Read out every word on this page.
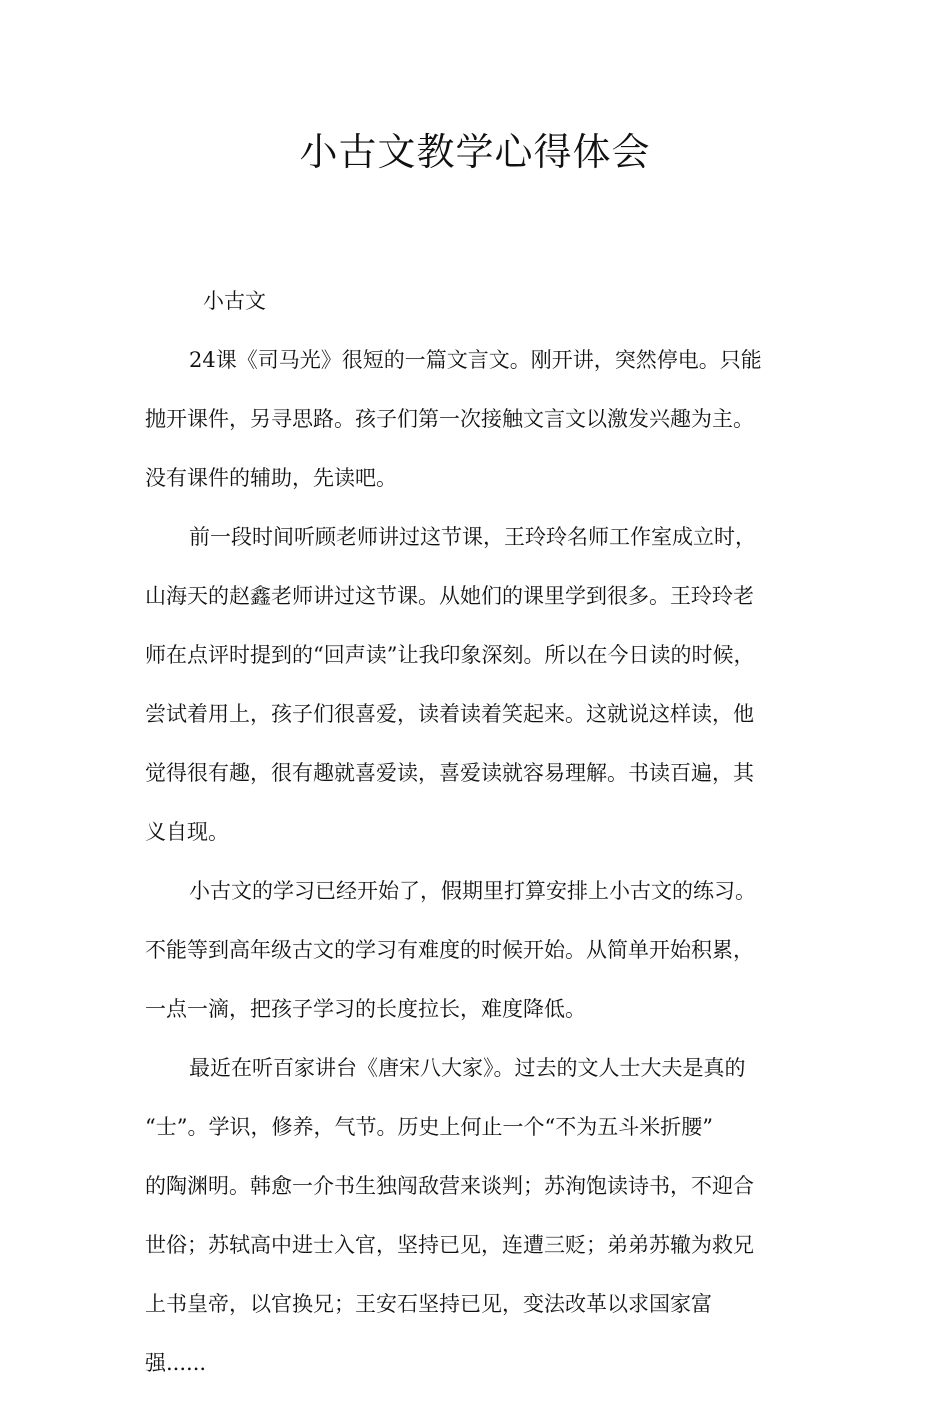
小古文教学心得体会
小古文
24课《司马光》很短的一篇文言文。刚开讲，突然停电。只能
抛开课件，另寻思路。孩子们第一次接触文言文以激发兴趣为主。
没有课件的辅助，先读吧。
前一段时间听顾老师讲过这节课，王玲玲名师工作室成立时，
山海天的赵鑫老师讲过这节课。从她们的课里学到很多。王玲玲老
师在点评时提到的“回声读”让我印象深刻。所以在今日读的时候，
尝试着用上，孩子们很喜爱，读着读着笑起来。这就说这样读，他
觉得很有趣，很有趣就喜爱读，喜爱读就容易理解。书读百遍，其
义自现。
小古文的学习已经开始了，假期里打算安排上小古文的练习。
不能等到高年级古文的学习有难度的时候开始。从简单开始积累，
一点一滴，把孩子学习的长度拉长，难度降低。
最近在听百家讲台《唐宋八大家》。过去的文人士大夫是真的
“士”。学识，修养，气节。历史上何止一个“不为五斗米折腰”
的陶渊明。韩愈一介书生独闯敌营来谈判；苏洵饱读诗书，不迎合
世俗；苏轼高中进士入官，坚持已见，连遭三贬；弟弟苏辙为救兄
上书皇帝，以官换兄；王安石坚持已见，变法改革以求国家富
强......
